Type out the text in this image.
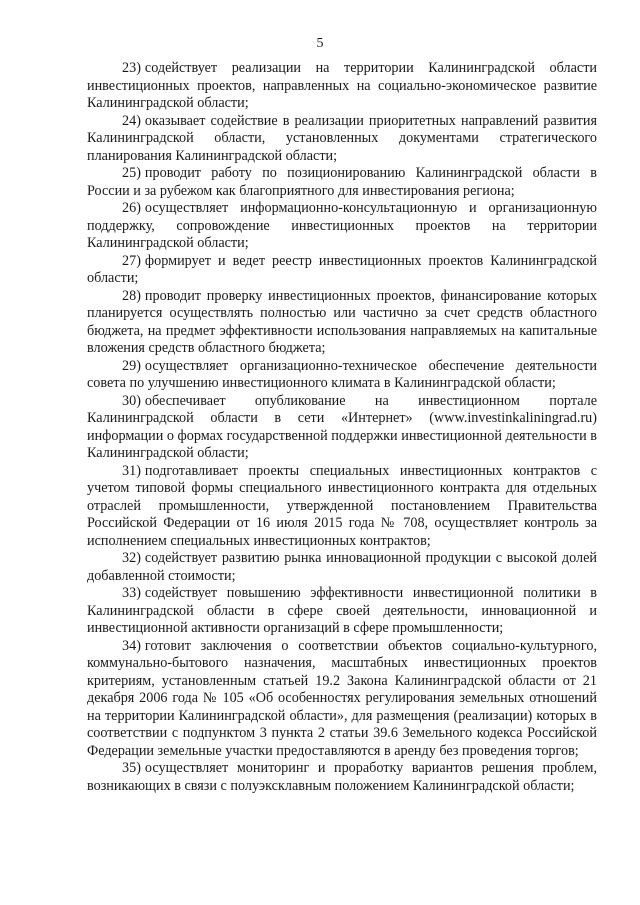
5

23) содействует реализации на территории Калининградской области инвестиционных проектов, направленных на социально-экономическое развитие Калининградской области;

24) оказывает содействие в реализации приоритетных направлений развития Калининградской области, установленных документами стратегического планирования Калининградской области;

25) проводит работу по позиционированию Калининградской области в России и за рубежом как благоприятного для инвестирования региона;

26) осуществляет информационно-консультационную и организационную поддержку, сопровождение инвестиционных проектов на территории Калининградской области;

27) формирует и ведет реестр инвестиционных проектов Калининградской области;

28) проводит проверку инвестиционных проектов, финансирование которых планируется осуществлять полностью или частично за счет средств областного бюджета, на предмет эффективности использования направляемых на капитальные вложения средств областного бюджета;

29) осуществляет организационно-техническое обеспечение деятельности совета по улучшению инвестиционного климата в Калининградской области;

30) обеспечивает опубликование на инвестиционном портале Калининградской области в сети «Интернет» (www.investinkaliningrad.ru) информации о формах государственной поддержки инвестиционной деятельности в Калининградской области;

31) подготавливает проекты специальных инвестиционных контрактов с учетом типовой формы специального инвестиционного контракта для отдельных отраслей промышленности, утвержденной постановлением Правительства Российской Федерации от 16 июля 2015 года № 708, осуществляет контроль за исполнением специальных инвестиционных контрактов;

32) содействует развитию рынка инновационной продукции с высокой долей добавленной стоимости;

33) содействует повышению эффективности инвестиционной политики в Калининградской области в сфере своей деятельности, инновационной и инвестиционной активности организаций в сфере промышленности;

34) готовит заключения о соответствии объектов социально-культурного, коммунально-бытового назначения, масштабных инвестиционных проектов критериям, установленным статьей 19.2 Закона Калининградской области от 21 декабря 2006 года № 105 «Об особенностях регулирования земельных отношений на территории Калининградской области», для размещения (реализации) которых в соответствии с подпунктом 3 пункта 2 статьи 39.6 Земельного кодекса Российской Федерации земельные участки предоставляются в аренду без проведения торгов;

35) осуществляет мониторинг и проработку вариантов решения проблем, возникающих в связи с полуэксклавным положением Калининградской области;
